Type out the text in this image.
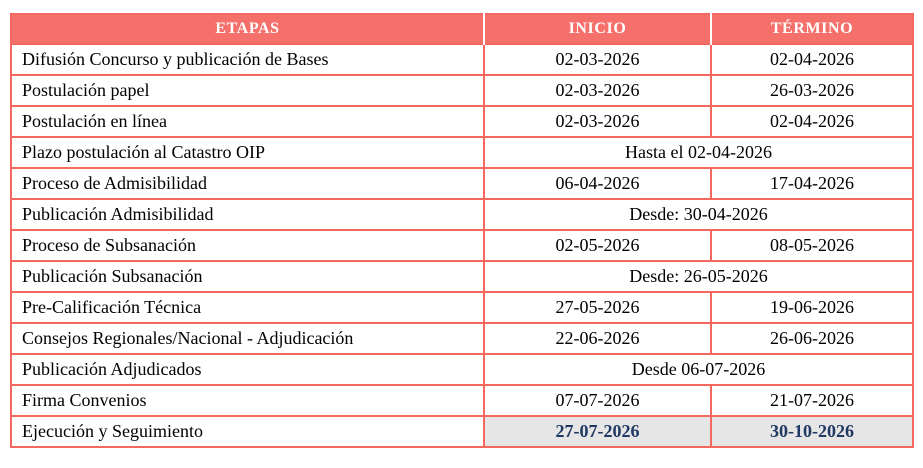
ETAPAS	INICIO	TÉRMINO
Difusión Concurso y publicación de Bases	02-03-2026	02-04-2026
Postulación papel	02-03-2026	26-03-2026
Postulación en línea	02-03-2026	02-04-2026
Plazo postulación al Catastro OIP	Hasta el 02-04-2026	
Proceso de Admisibilidad	06-04-2026	17-04-2026
Publicación Admisibilidad	Desde: 30-04-2026	
Proceso de Subsanación	02-05-2026	08-05-2026
Publicación Subsanación	Desde: 26-05-2026	
Pre-Calificación Técnica	27-05-2026	19-06-2026
Consejos Regionales/Nacional - Adjudicación	22-06-2026	26-06-2026
Publicación Adjudicados	Desde 06-07-2026	
Firma Convenios	07-07-2026	21-07-2026
Ejecución y Seguimiento	27-07-2026	30-10-2026
